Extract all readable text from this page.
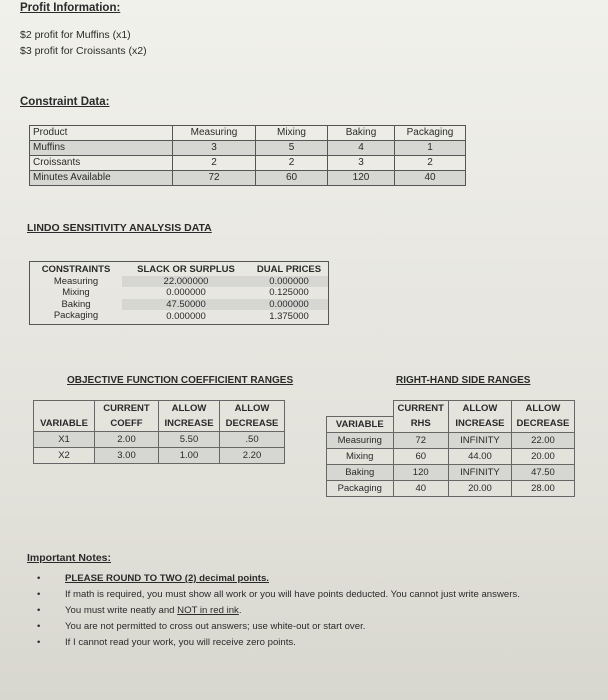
Profit Information:
$2 profit for Muffins (x1)
$3 profit for Croissants (x2)
Constraint Data:
Product	Measuring	Mixing	Baking	Packaging
Muffins	3	5	4	1
Croissants	2	2	3	2
Minutes Available	72	60	120	40
LINDO SENSITIVITY ANALYSIS DATA
CONSTRAINTS	SLACK OR SURPLUS	DUAL PRICES
Measuring	22.000000	0.000000
Mixing	0.000000	0.125000
Baking	47.50000	0.000000
Packaging	0.000000	1.375000
OBJECTIVE FUNCTION COEFFICIENT RANGES
	CURRENT	ALLOW	ALLOW
VARIABLE	COEFF	INCREASE	DECREASE
X1	2.00	5.50	.50
X2	3.00	1.00	2.20
RIGHT-HAND SIDE RANGES
	CURRENT	ALLOW	ALLOW
VARIABLE	RHS	INCREASE	DECREASE
Measuring	72	INFINITY	22.00
Mixing	60	44.00	20.00
Baking	120	INFINITY	47.50
Packaging	40	20.00	28.00
Important Notes:
•	PLEASE ROUND TO TWO (2) decimal points.
•	If math is required, you must show all work or you will have points deducted. You cannot just write answers.
•	You must write neatly and NOT in red ink.
•	You are not permitted to cross out answers; use white-out or start over.
•	If I cannot read your work, you will receive zero points.
